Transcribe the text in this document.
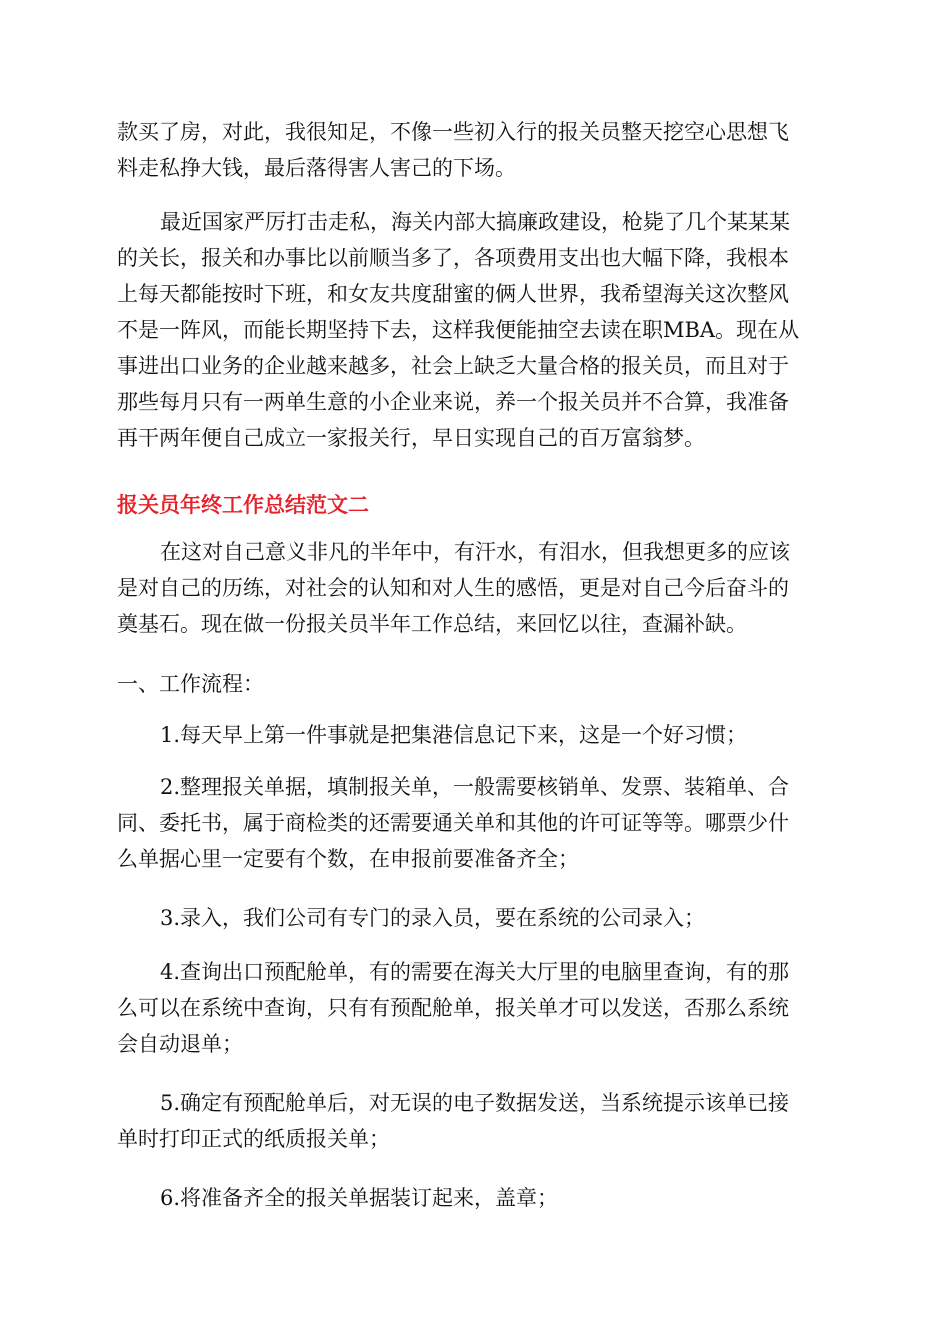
款买了房，对此，我很知足，不像一些初入行的报关员整天挖空心思想飞

料走私挣大钱，最后落得害人害己的下场。

最近国家严厉打击走私，海关内部大搞廉政建设，枪毙了几个某某某

的关长，报关和办事比以前顺当多了，各项费用支出也大幅下降，我根本

上每天都能按时下班，和女友共度甜蜜的俩人世界，我希望海关这次整风

不是一阵风，而能长期坚持下去，这样我便能抽空去读在职MBA。现在从

事进出口业务的企业越来越多，社会上缺乏大量合格的报关员，而且对于

那些每月只有一两单生意的小企业来说，养一个报关员并不合算，我准备

再干两年便自己成立一家报关行，早日实现自己的百万富翁梦。

报关员年终工作总结范文二

在这对自己意义非凡的半年中，有汗水，有泪水，但我想更多的应该

是对自己的历练，对社会的认知和对人生的感悟，更是对自己今后奋斗的

奠基石。现在做一份报关员半年工作总结，来回忆以往，查漏补缺。

一、工作流程：

1.每天早上第一件事就是把集港信息记下来，这是一个好习惯；

2.整理报关单据，填制报关单，一般需要核销单、发票、装箱单、合

同、委托书，属于商检类的还需要通关单和其他的许可证等等。哪票少什

么单据心里一定要有个数，在申报前要准备齐全；

3.录入，我们公司有专门的录入员，要在系统的公司录入；

4.查询出口预配舱单，有的需要在海关大厅里的电脑里查询，有的那

么可以在系统中查询，只有有预配舱单，报关单才可以发送，否那么系统

会自动退单；

5.确定有预配舱单后，对无误的电子数据发送，当系统提示该单已接

单时打印正式的纸质报关单；

6.将准备齐全的报关单据装订起来，盖章；
